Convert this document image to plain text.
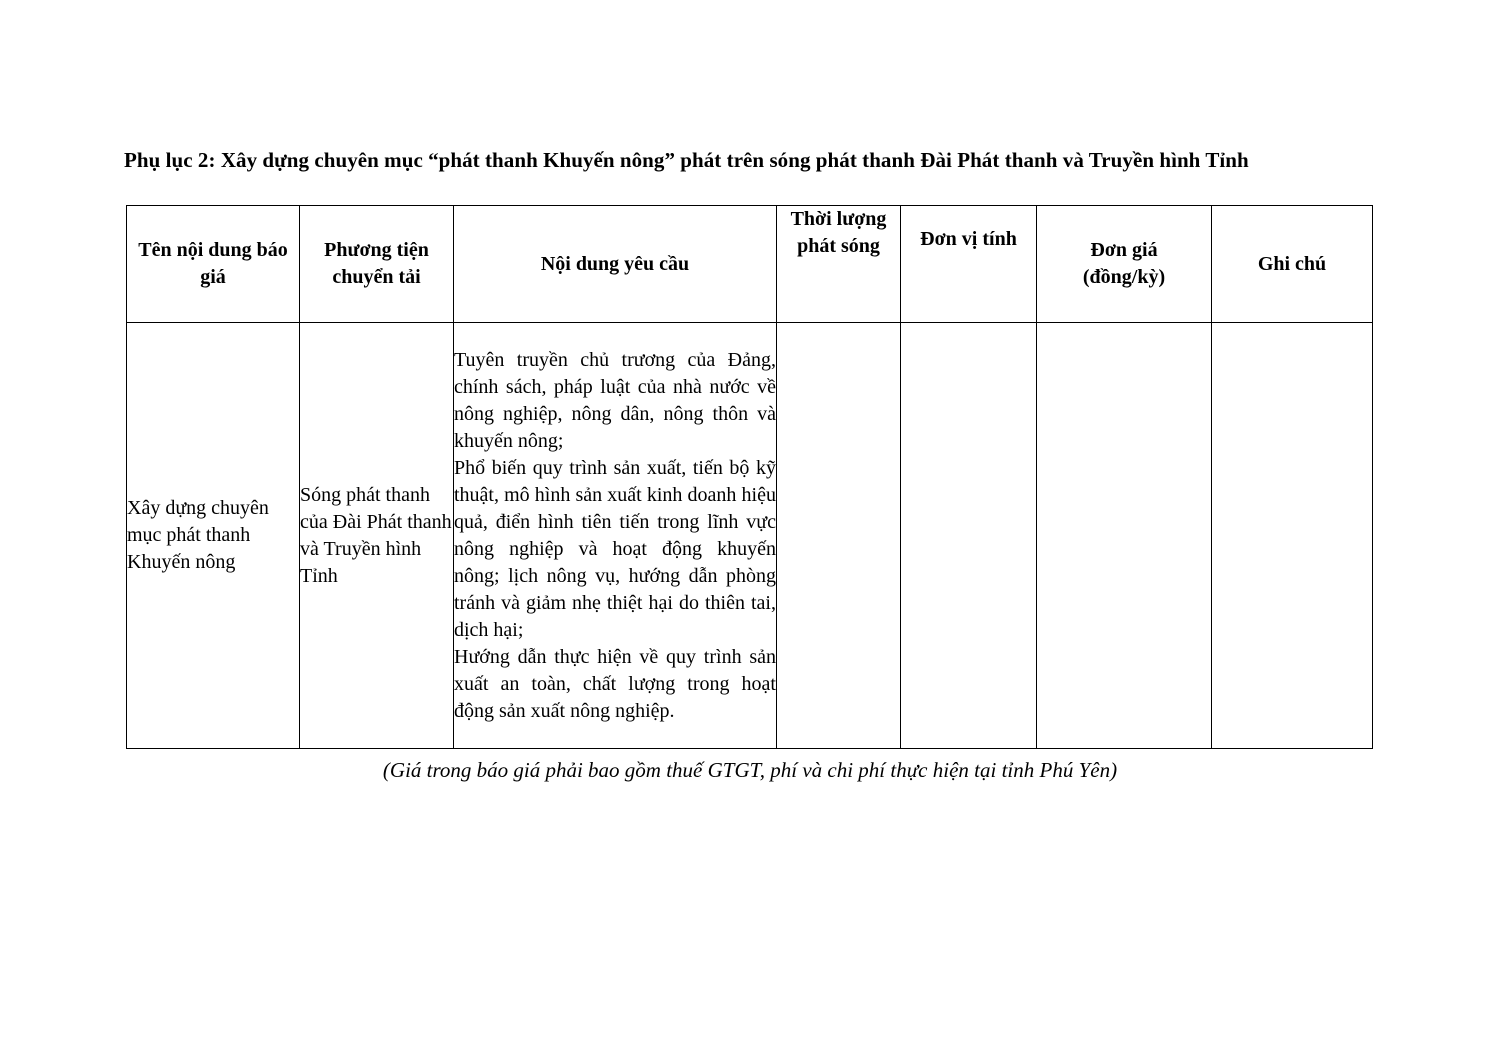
Phụ lục 2: Xây dựng chuyên mục “phát thanh Khuyến nông” phát trên sóng phát thanh Đài Phát thanh và Truyền hình Tỉnh
Tên nội dung báo giá	Phương tiện chuyển tải	Nội dung yêu cầu	Thời lượng phát sóng	Đơn vị tính	Đơn giá (đồng/kỳ)	Ghi chú
Xây dựng chuyên mục phát thanh Khuyến nông	Sóng phát thanh của Đài Phát thanh và Truyền hình Tỉnh	Tuyên truyền chủ trương của Đảng, chính sách, pháp luật của nhà nước về nông nghiệp, nông dân, nông thôn và khuyến nông;

Phổ biến quy trình sản xuất, tiến bộ kỹ thuật, mô hình sản xuất kinh doanh hiệu quả, điển hình tiên tiến trong lĩnh vực nông nghiệp và hoạt động khuyến nông; lịch nông vụ, hướng dẫn phòng tránh và giảm nhẹ thiệt hại do thiên tai, dịch hại;

Hướng dẫn thực hiện về quy trình sản xuất an toàn, chất lượng trong hoạt động sản xuất nông nghiệp.				

(Giá trong báo giá phải bao gồm thuế GTGT, phí và chi phí thực hiện tại tỉnh Phú Yên)
